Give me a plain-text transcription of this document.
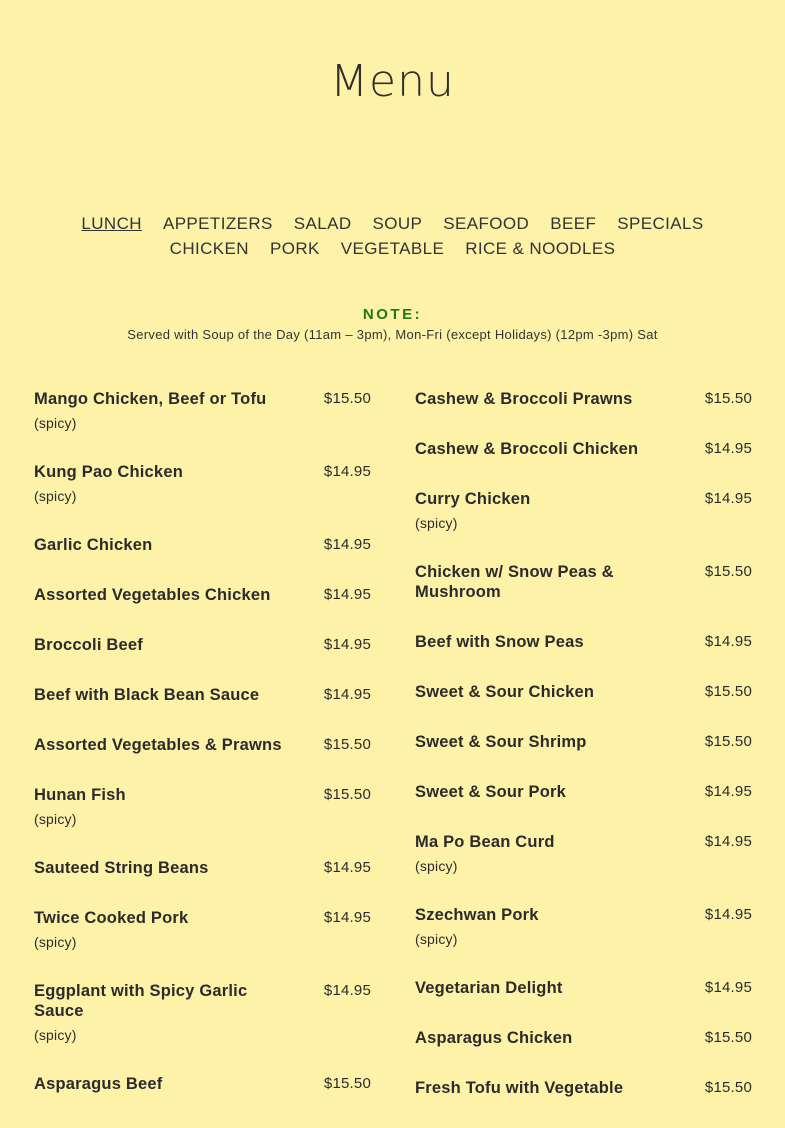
Menu
LUNCH APPETIZERS SALAD SOUP SEAFOOD BEEF SPECIALS
CHICKEN PORK VEGETABLE RICE & NOODLES
NOTE:
Served with Soup of the Day (11am – 3pm), Mon-Fri (except Holidays) (12pm -3pm) Sat
Mango Chicken, Beef or Tofu	$15.50
(spicy)
Kung Pao Chicken	$14.95
(spicy)
Garlic Chicken	$14.95
Assorted Vegetables Chicken	$14.95
Broccoli Beef	$14.95
Beef with Black Bean Sauce	$14.95
Assorted Vegetables & Prawns	$15.50
Hunan Fish	$15.50
(spicy)
Sauteed String Beans	$14.95
Twice Cooked Pork	$14.95
(spicy)
Eggplant with Spicy Garlic Sauce
$14.95
(spicy)
Asparagus Beef	$15.50
Cashew & Broccoli Prawns	$15.50
Cashew & Broccoli Chicken	$14.95
Curry Chicken	$14.95
(spicy)
Chicken w/ Snow Peas & Mushroom
$15.50
Beef with Snow Peas	$14.95
Sweet & Sour Chicken	$15.50
Sweet & Sour Shrimp	$15.50
Sweet & Sour Pork	$14.95
Ma Po Bean Curd	$14.95
(spicy)
Szechwan Pork	$14.95
(spicy)
Vegetarian Delight	$14.95
Asparagus Chicken	$15.50
Fresh Tofu with Vegetable	$15.50
